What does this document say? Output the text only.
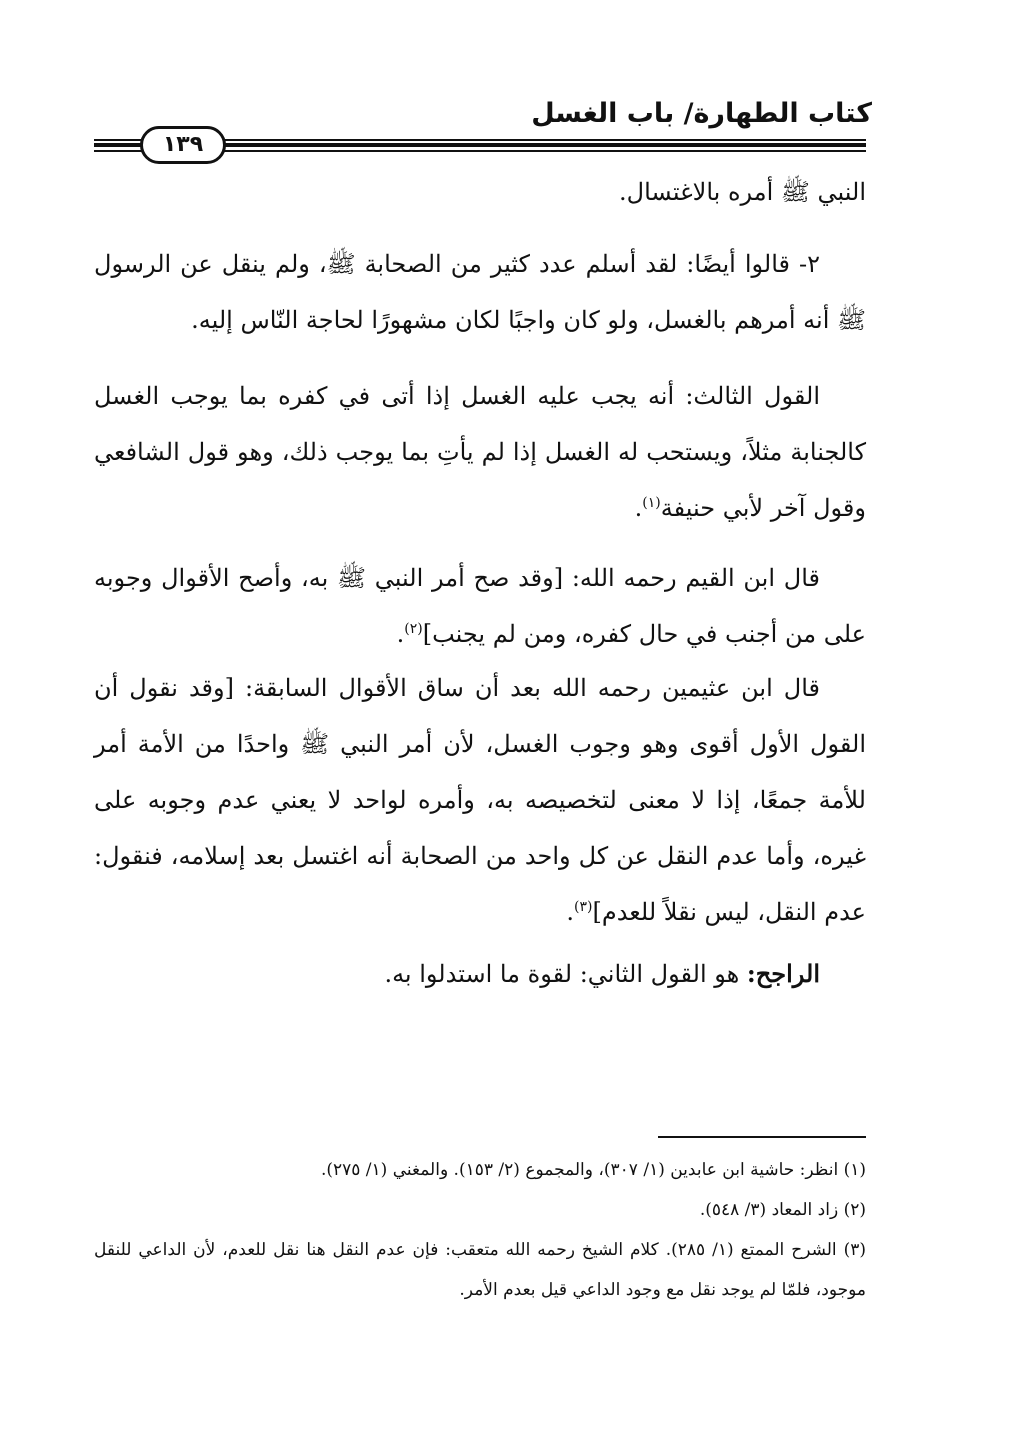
كتاب الطهارة/ باب الغسل
١٣٩

النبي ﷺ أمره بالاغتسال.

٢- قالوا أيضًا: لقد أسلم عدد كثير من الصحابة ﷺ، ولم ينقل عن الرسول ﷺ أنه أمرهم بالغسل، ولو كان واجبًا لكان مشهورًا لحاجة النّاس إليه.

القول الثالث: أنه يجب عليه الغسل إذا أتى في كفره بما يوجب الغسل كالجنابة مثلاً، ويستحب له الغسل إذا لم يأتِ بما يوجب ذلك، وهو قول الشافعي وقول آخر لأبي حنيفة$^{(١)}$.

قال ابن القيم رحمه الله: [وقد صح أمر النبي ﷺ به، وأصح الأقوال وجوبه على من أجنب في حال كفره، ومن لم يجنب]$^{(٢)}$.

قال ابن عثيمين رحمه الله بعد أن ساق الأقوال السابقة: [وقد نقول أن القول الأول أقوى وهو وجوب الغسل، لأن أمر النبي ﷺ واحدًا من الأمة أمر للأمة جمعًا، إذا لا معنى لتخصيصه به، وأمره لواحد لا يعني عدم وجوبه على غيره، وأما عدم النقل عن كل واحد من الصحابة أنه اغتسل بعد إسلامه، فنقول: عدم النقل، ليس نقلاً للعدم]$^{(٣)}$.

الراجح: هو القول الثاني: لقوة ما استدلوا به.

(١) انظر: حاشية ابن عابدين (١/ ٣٠٧)، والمجموع (٢/ ١٥٣). والمغني (١/ ٢٧٥).

(٢) زاد المعاد (٣/ ٥٤٨).

(٣) الشرح الممتع (١/ ٢٨٥). كلام الشيخ رحمه الله متعقب: فإن عدم النقل هنا نقل للعدم، لأن الداعي للنقل موجود، فلمّا لم يوجد نقل مع وجود الداعي قيل بعدم الأمر.
